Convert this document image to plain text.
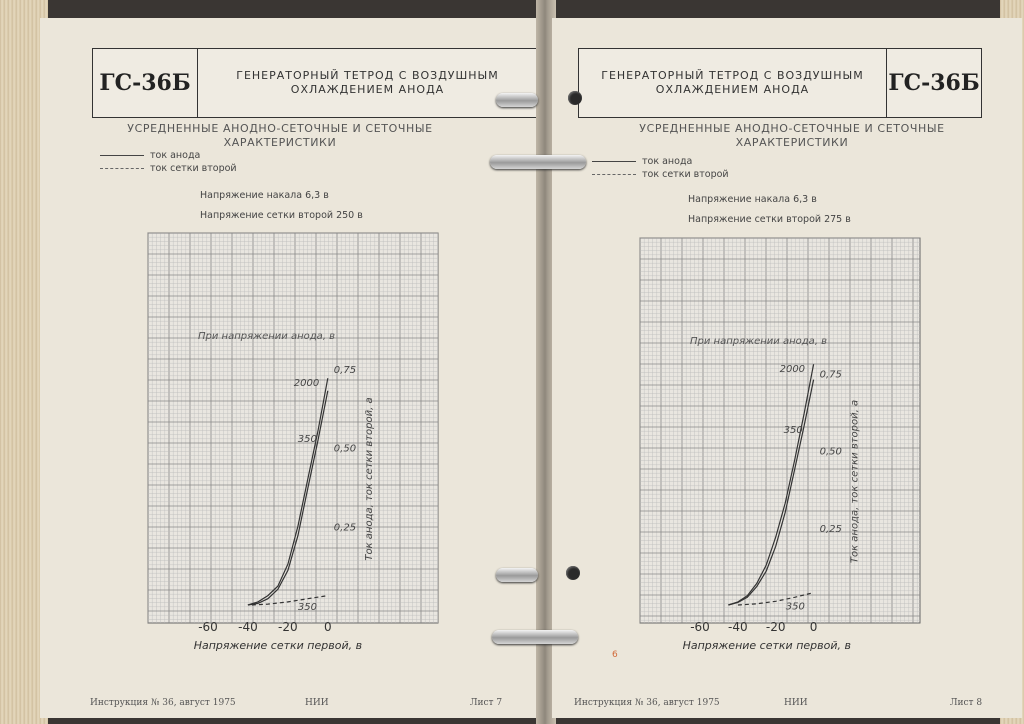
ГС-36Б	ГЕНЕРАТОРНЫЙ ТЕТРОД С ВОЗДУШНЫМ
ОХЛАЖДЕНИЕМ АНОДА
УСРЕДНЕННЫЕ АНОДНО-СЕТОЧНЫЕ И СЕТОЧНЫЕ
ХАРАКТЕРИСТИКИ
ток анода
ток сетки второй
Напряжение накала 6,3 в
Напряжение сетки второй 250 в
-60 -40 -20 0
0,25
0,50
0,75
Напряжение сетки первой, в
Ток анода, ток сетки второй, а
При напряжении анода, в
2000
350
350
Инструкция № 36, август 1975	НИИ	Лист 7
ГЕНЕРАТОРНЫЙ ТЕТРОД С ВОЗДУШНЫМ
ОХЛАЖДЕНИЕМ АНОДА	ГС-36Б
УСРЕДНЕННЫЕ АНОДНО-СЕТОЧНЫЕ И СЕТОЧНЫЕ
ХАРАКТЕРИСТИКИ
ток анода
ток сетки второй
Напряжение накала 6,3 в
Напряжение сетки второй 275 в
-60 -40 -20 0
0,25
0,50
0,75
Напряжение сетки первой, в
Ток анода, ток сетки второй, а
При напряжении анода, в
2000
350
350
6
Инструкция № 36, август 1975	НИИ	Лист 8
